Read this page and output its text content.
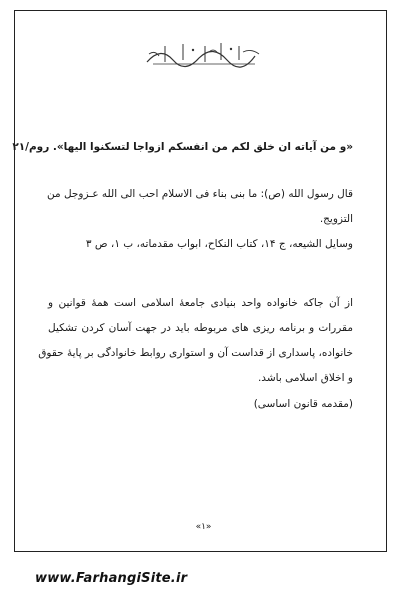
«و من آياته ان خلق لكم من انفسكم ازواجا لتسكنوا اليها». روم/۲۱
قال رسول الله (ص): ما بنى بناء فى الاسلام احب الى الله عـزوجل من
التزويج.
وسايل الشيعه، ج ۱۴، كتاب النكاح، ابواب مقدماته، ب ۱، ص ۳
از آن جاكه خانواده واحد بنيادى جامعهٔ اسلامى است همهٔ قوانين و
مقررات و برنامه ريزى هاى مربوطه بايد در جهت آسان كردن تشكيل
خانواده، پاسدارى از قداست آن و استوارى روابط خانوادگى بر پايهٔ حقوق
و اخلاق اسلامى باشد.
(مقدمه قانون اساسى)
«۱»
www.FarhangiSite.ir
